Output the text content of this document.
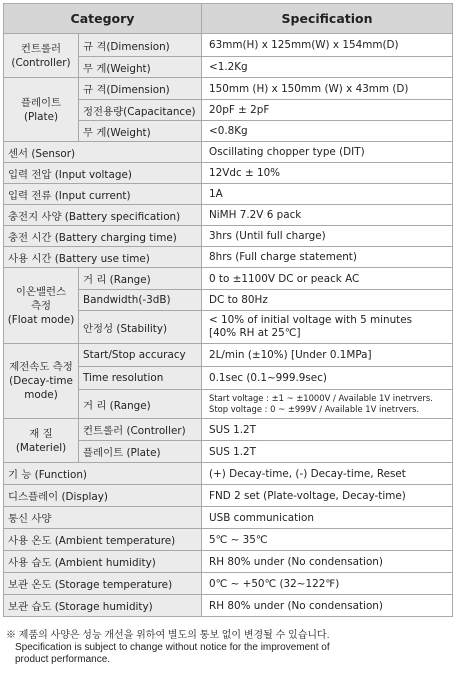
Category		Specification
컨트롤러
(Controller)	규 격(Dimension)	63mm(H) x 125mm(W) x 154mm(D)
	무 게(Weight)	<1.2Kg
플레이트
(Plate)	규 격(Dimension)	150mm (H) x 150mm (W) x 43mm (D)
	정전용량(Capacitance)	20pF ± 2pF
	무 게(Weight)	<0.8Kg
센서 (Sensor)		Oscillating chopper type (DIT)
입력 전압 (Input voltage)		12Vdc ± 10%
입력 전류 (Input current)		1A
충전지 사양 (Battery specification)		NiMH 7.2V 6 pack
충전 시간 (Battery charging time)		3hrs (Until full charge)
사용 시간 (Battery use time)		8hrs (Full charge statement)
이온밸런스
측정
(Float mode)	거 리 (Range)	0 to ±1100V DC or peack AC
	Bandwidth(-3dB)	DC to 80Hz
	안정성 (Stability)	< 10% of initial voltage with 5 minutes
[40% RH at 25℃]

제전속도 측정
(Decay-time
mode)	Start/Stop accuracy	2L/min (±10%) [Under 0.1MPa]
	Time resolution	0.1sec (0.1~999.9sec)
	거 리 (Range)	Start voltage : ±1 ~ ±1000V / Available 1V inetrvers.
Stop voltage : 0 ~ ±999V / Available 1V inetrvers.

재 질
(Materiel)	컨트롤러 (Controller)	SUS 1.2T
	플레이트 (Plate)	SUS 1.2T
기 능 (Function)		(+) Decay-time, (-) Decay-time, Reset
디스플레이 (Display)		FND 2 set (Plate-voltage, Decay-time)
통신 사양		USB communication
사용 온도 (Ambient temperature)		5℃ ~ 35℃
사용 습도 (Ambient humidity)		RH 80% under (No condensation)
보관 온도 (Storage temperature)		0℃ ~ +50℃ (32~122℉)
보관 습도 (Storage humidity)		RH 80% under (No condensation)
※ 제품의 사양은 성능 개선을 위하여 별도의 통보 없이 변경될 수 있습니다.
Specification is subject to change without notice for the improvement of
product performance.
